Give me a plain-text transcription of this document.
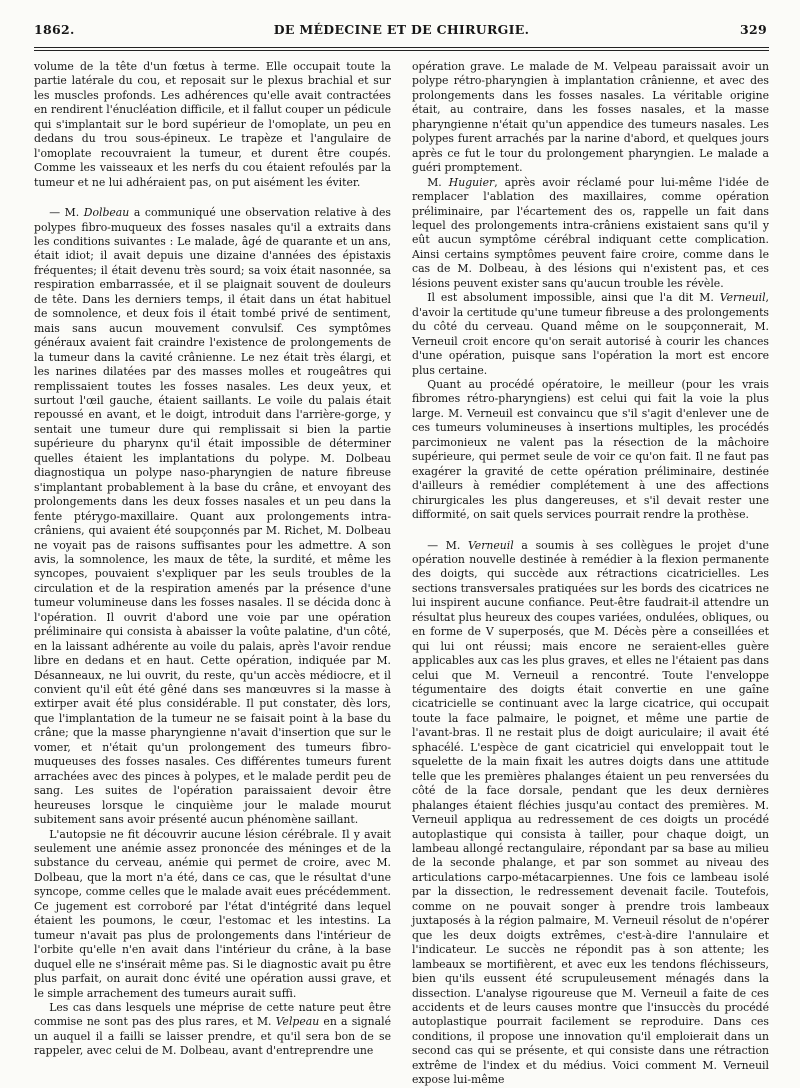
1862.	DE MÉDECINE ET DE CHIRURGIE.	329

volume de la tête d'un fœtus à terme. Elle occupait toute la partie latérale du cou, et reposait sur le plexus brachial et sur les muscles profonds. Les adhérences qu'elle avait contractées en rendirent l'énucléation difficile, et il fallut couper un pédicule qui s'implantait sur le bord supérieur de l'omoplate, un peu en dedans du trou sous-épineux. Le trapèze et l'angulaire de l'omoplate recouvraient la tumeur, et durent être coupés. Comme les vaisseaux et les nerfs du cou étaient refoulés par la tumeur et ne lui adhéraient pas, on put aisément les éviter.

— M. Dolbeau a communiqué une observation relative à des polypes fibro-muqueux des fosses nasales qu'il a extraits dans les conditions suivantes : Le malade, âgé de quarante et un ans, était idiot; il avait depuis une dizaine d'années des épistaxis fréquentes; il était devenu très sourd; sa voix était nasonnée, sa respiration embarrassée, et il se plaignait souvent de douleurs de tête. Dans les derniers temps, il était dans un état habituel de somnolence, et deux fois il était tombé privé de sentiment, mais sans aucun mouvement convulsif. Ces symptômes généraux avaient fait craindre l'existence de prolongements de la tumeur dans la cavité crânienne. Le nez était très élargi, et les narines dilatées par des masses molles et rougeâtres qui remplissaient toutes les fosses nasales. Les deux yeux, et surtout l'œil gauche, étaient saillants. Le voile du palais était repoussé en avant, et le doigt, introduit dans l'arrière-gorge, y sentait une tumeur dure qui remplissait si bien la partie supérieure du pharynx qu'il était impossible de déterminer quelles étaient les implantations du polype. M. Dolbeau diagnostiqua un polype naso-pharyngien de nature fibreuse s'implantant probablement à la base du crâne, et envoyant des prolongements dans les deux fosses nasales et un peu dans la fente ptérygo-maxillaire. Quant aux prolongements intra-crâniens, qui avaient été soupçonnés par M. Richet, M. Dolbeau ne voyait pas de raisons suffisantes pour les admettre. A son avis, la somnolence, les maux de tête, la surdité, et même les syncopes, pouvaient s'expliquer par les seuls troubles de la circulation et de la respiration amenés par la présence d'une tumeur volumineuse dans les fosses nasales. Il se décida donc à l'opération. Il ouvrit d'abord une voie par une opération préliminaire qui consista à abaisser la voûte palatine, d'un côté, en la laissant adhérente au voile du palais, après l'avoir rendue libre en dedans et en haut. Cette opération, indiquée par M. Désanneaux, ne lui ouvrit, du reste, qu'un accès médiocre, et il convient qu'il eût été gêné dans ses manœuvres si la masse à extirper avait été plus considérable. Il put constater, dès lors, que l'implantation de la tumeur ne se faisait point à la base du crâne; que la masse pharyngienne n'avait d'insertion que sur le vomer, et n'était qu'un prolongement des tumeurs fibro-muqueuses des fosses nasales. Ces différentes tumeurs furent arrachées avec des pinces à polypes, et le malade perdit peu de sang. Les suites de l'opération paraissaient devoir être heureuses lorsque le cinquième jour le malade mourut subitement sans avoir présenté aucun phénomène saillant.

L'autopsie ne fit découvrir aucune lésion cérébrale. Il y avait seulement une anémie assez prononcée des méninges et de la substance du cerveau, anémie qui permet de croire, avec M. Dolbeau, que la mort n'a été, dans ce cas, que le résultat d'une syncope, comme celles que le malade avait eues précédemment. Ce jugement est corroboré par l'état d'intégrité dans lequel étaient les poumons, le cœur, l'estomac et les intestins. La tumeur n'avait pas plus de prolongements dans l'intérieur de l'orbite qu'elle n'en avait dans l'intérieur du crâne, à la base duquel elle ne s'insérait même pas. Si le diagnostic avait pu être plus parfait, on aurait donc évité une opération aussi grave, et le simple arrachement des tumeurs aurait suffi.

Les cas dans lesquels une méprise de cette nature peut être commise ne sont pas des plus rares, et M. Velpeau en a signalé un auquel il a failli se laisser prendre, et qu'il sera bon de se rappeler, avec celui de M. Dolbeau, avant d'entreprendre une

opération grave. Le malade de M. Velpeau paraissait avoir un polype rétro-pharyngien à implantation crânienne, et avec des prolongements dans les fosses nasales. La véritable origine était, au contraire, dans les fosses nasales, et la masse pharyngienne n'était qu'un appendice des tumeurs nasales. Les polypes furent arrachés par la narine d'abord, et quelques jours après ce fut le tour du prolongement pharyngien. Le malade a guéri promptement.

M. Huguier, après avoir réclamé pour lui-même l'idée de remplacer l'ablation des maxillaires, comme opération préliminaire, par l'écartement des os, rappelle un fait dans lequel des prolongements intra-crâniens existaient sans qu'il y eût aucun symptôme cérébral indiquant cette complication. Ainsi certains symptômes peuvent faire croire, comme dans le cas de M. Dolbeau, à des lésions qui n'existent pas, et ces lésions peuvent exister sans qu'aucun trouble les révèle.

Il est absolument impossible, ainsi que l'a dit M. Verneuil, d'avoir la certitude qu'une tumeur fibreuse a des prolongements du côté du cerveau. Quand même on le soupçonnerait, M. Verneuil croit encore qu'on serait autorisé à courir les chances d'une opération, puisque sans l'opération la mort est encore plus certaine.

Quant au procédé opératoire, le meilleur (pour les vrais fibromes rétro-pharyngiens) est celui qui fait la voie la plus large. M. Verneuil est convaincu que s'il s'agit d'enlever une de ces tumeurs volumineuses à insertions multiples, les procédés parcimonieux ne valent pas la résection de la mâchoire supérieure, qui permet seule de voir ce qu'on fait. Il ne faut pas exagérer la gravité de cette opération préliminaire, destinée d'ailleurs à remédier complétement à une des affections chirurgicales les plus dangereuses, et s'il devait rester une difformité, on sait quels services pourrait rendre la prothèse.

— M. Verneuil a soumis à ses collègues le projet d'une opération nouvelle destinée à remédier à la flexion permanente des doigts, qui succède aux rétractions cicatricielles. Les sections transversales pratiquées sur les bords des cicatrices ne lui inspirent aucune confiance. Peut-être faudrait-il attendre un résultat plus heureux des coupes variées, ondulées, obliques, ou en forme de V superposés, que M. Décès père a conseillées et qui lui ont réussi; mais encore ne seraient-elles guère applicables aux cas les plus graves, et elles ne l'étaient pas dans celui que M. Verneuil a rencontré. Toute l'enveloppe tégumentaire des doigts était convertie en une gaîne cicatricielle se continuant avec la large cicatrice, qui occupait toute la face palmaire, le poignet, et même une partie de l'avant-bras. Il ne restait plus de doigt auriculaire; il avait été sphacélé. L'espèce de gant cicatriciel qui enveloppait tout le squelette de la main fixait les autres doigts dans une attitude telle que les premières phalanges étaient un peu renversées du côté de la face dorsale, pendant que les deux dernières phalanges étaient fléchies jusqu'au contact des premières. M. Verneuil appliqua au redressement de ces doigts un procédé autoplastique qui consista à tailler, pour chaque doigt, un lambeau allongé rectangulaire, répondant par sa base au milieu de la seconde phalange, et par son sommet au niveau des articulations carpo-métacarpiennes. Une fois ce lambeau isolé par la dissection, le redressement devenait facile. Toutefois, comme on ne pouvait songer à prendre trois lambeaux juxtaposés à la région palmaire, M. Verneuil résolut de n'opérer que les deux doigts extrêmes, c'est-à-dire l'annulaire et l'indicateur. Le succès ne répondit pas à son attente; les lambeaux se mortifièrent, et avec eux les tendons fléchisseurs, bien qu'ils eussent été scrupuleusement ménagés dans la dissection. L'analyse rigoureuse que M. Verneuil a faite de ces accidents et de leurs causes montre que l'insuccès du procédé autoplastique pourrait facilement se reproduire. Dans ces conditions, il propose une innovation qu'il emploierait dans un second cas qui se présente, et qui consiste dans une rétraction extrême de l'index et du médius. Voici comment M. Verneuil expose lui-même
